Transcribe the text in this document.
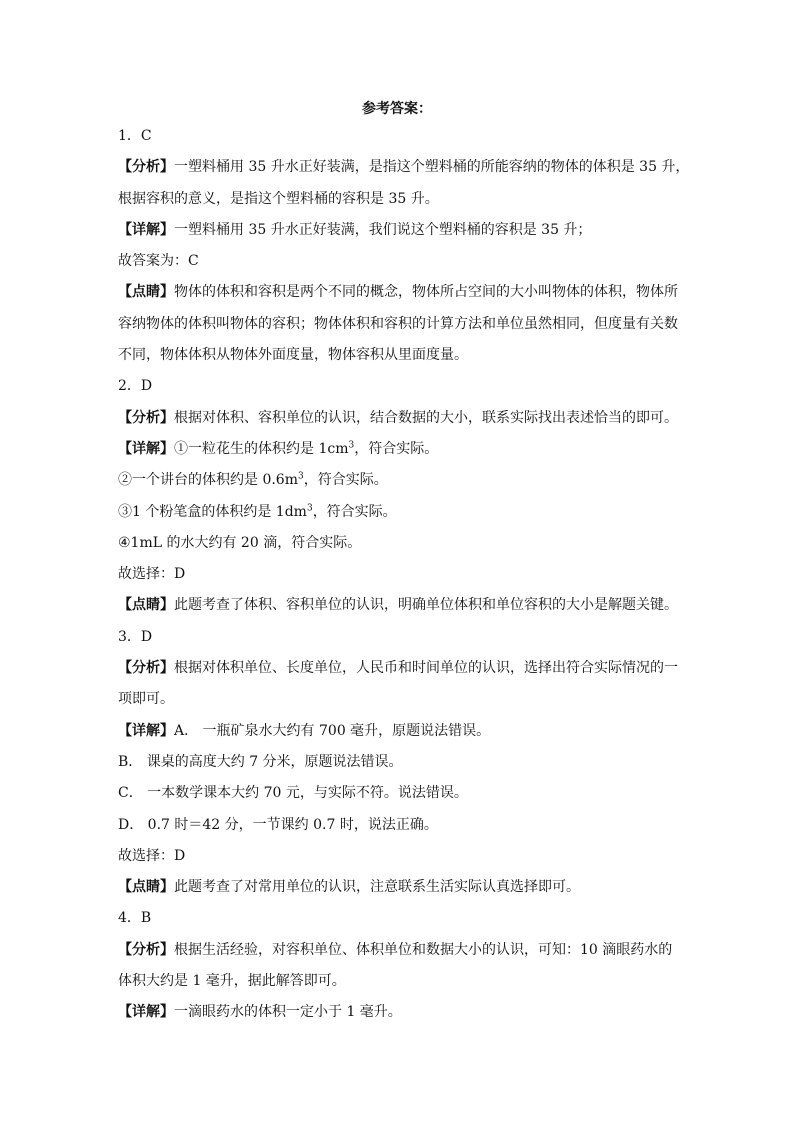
参考答案：
1．C
【分析】一塑料桶用 35 升水正好装满，是指这个塑料桶的所能容纳的物体的体积是 35 升，
根据容积的意义，是指这个塑料桶的容积是 35 升。
【详解】一塑料桶用 35 升水正好装满，我们说这个塑料桶的容积是 35 升；
故答案为：C
【点睛】物体的体积和容积是两个不同的概念，物体所占空间的大小叫物体的体积，物体所
容纳物体的体积叫物体的容积；物体体积和容积的计算方法和单位虽然相同，但度量有关数
不同，物体体积从物体外面度量，物体容积从里面度量。
2．D
【分析】根据对体积、容积单位的认识，结合数据的大小，联系实际找出表述恰当的即可。
【详解】①一粒花生的体积约是 $1cm^3$，符合实际。
②一个讲台的体积约是 $0.6m^3$，符合实际。
③1 个粉笔盒的体积约是 $1dm^3$，符合实际。
④1mL 的水大约有 20 滴，符合实际。
故选择：D
【点睛】此题考查了体积、容积单位的认识，明确单位体积和单位容积的大小是解题关键。
3．D
【分析】根据对体积单位、长度单位，人民币和时间单位的认识，选择出符合实际情况的一
项即可。
【详解】A． 一瓶矿泉水大约有 700 毫升，原题说法错误。
B． 课桌的高度大约 7 分米，原题说法错误。
C． 一本数学课本大约 70 元，与实际不符。说法错误。
D． 0.7 时＝42 分，一节课约 0.7 时，说法正确。
故选择：D
【点睛】此题考查了对常用单位的认识，注意联系生活实际认真选择即可。
4．B
【分析】根据生活经验，对容积单位、体积单位和数据大小的认识，可知：10 滴眼药水的
体积大约是 1 毫升，据此解答即可。
【详解】一滴眼药水的体积一定小于 1 毫升。
